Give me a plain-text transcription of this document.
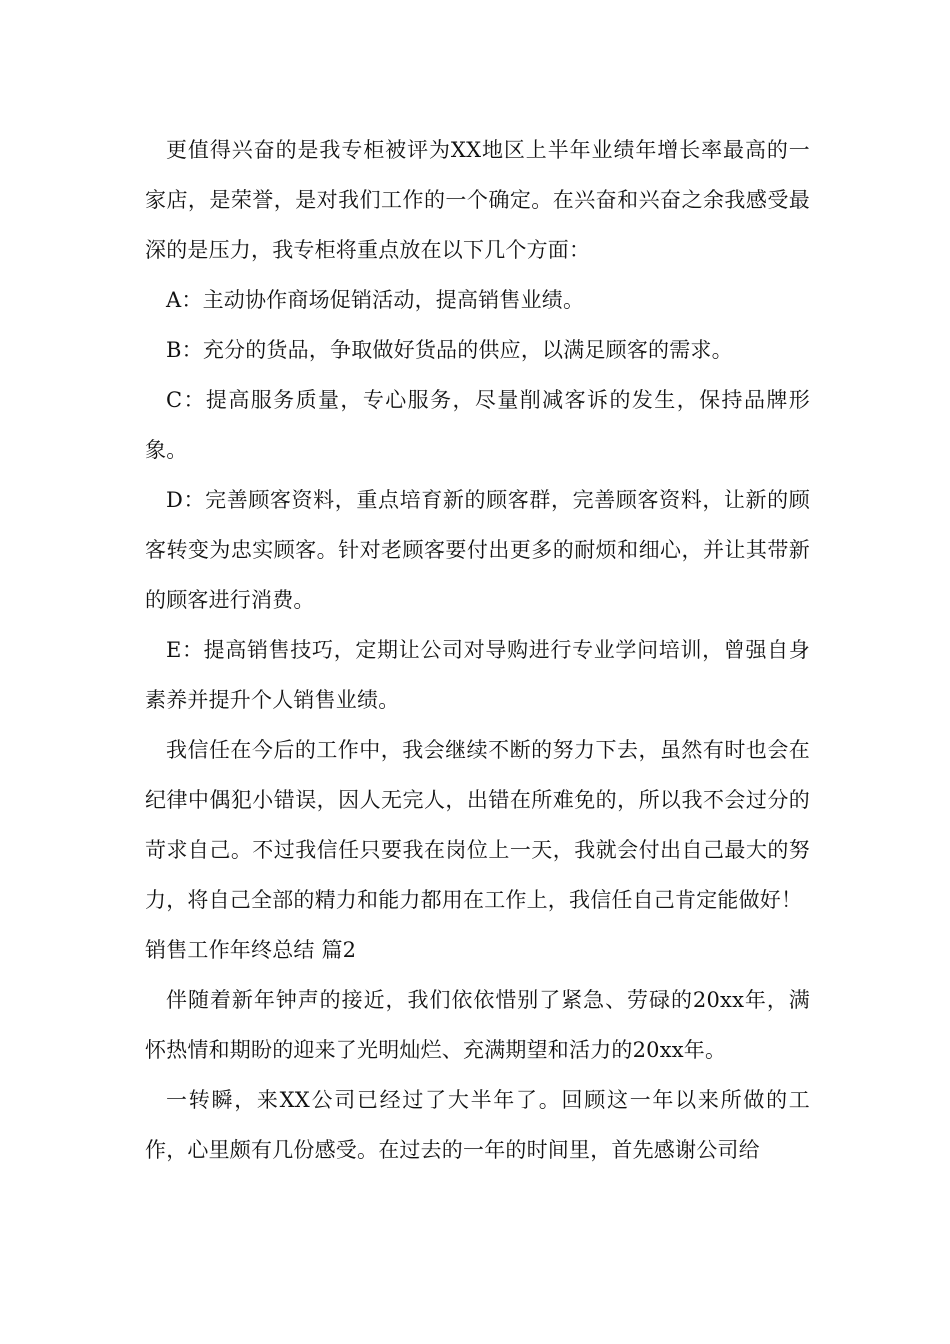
更值得兴奋的是我专柜被评为XX地区上半年业绩年增长率最高的一家店，是荣誉，是对我们工作的一个确定。在兴奋和兴奋之余我感受最深的是压力，我专柜将重点放在以下几个方面：

A：主动协作商场促销活动，提高销售业绩。

B：充分的货品，争取做好货品的供应，以满足顾客的需求。

C：提高服务质量，专心服务，尽量削减客诉的发生，保持品牌形象。

D：完善顾客资料，重点培育新的顾客群，完善顾客资料，让新的顾客转变为忠实顾客。针对老顾客要付出更多的耐烦和细心，并让其带新的顾客进行消费。

E：提高销售技巧，定期让公司对导购进行专业学问培训，曾强自身素养并提升个人销售业绩。

我信任在今后的工作中，我会继续不断的努力下去，虽然有时也会在纪律中偶犯小错误，因人无完人，出错在所难免的，所以我不会过分的苛求自己。不过我信任只要我在岗位上一天，我就会付出自己最大的努力，将自己全部的精力和能力都用在工作上，我信任自己肯定能做好！

销售工作年终总结 篇2

伴随着新年钟声的接近，我们依依惜别了紧急、劳碌的20xx年，满怀热情和期盼的迎来了光明灿烂、充满期望和活力的20xx年。

一转瞬，来XX公司已经过了大半年了。回顾这一年以来所做的工作，心里颇有几份感受。在过去的一年的时间里，首先感谢公司给
